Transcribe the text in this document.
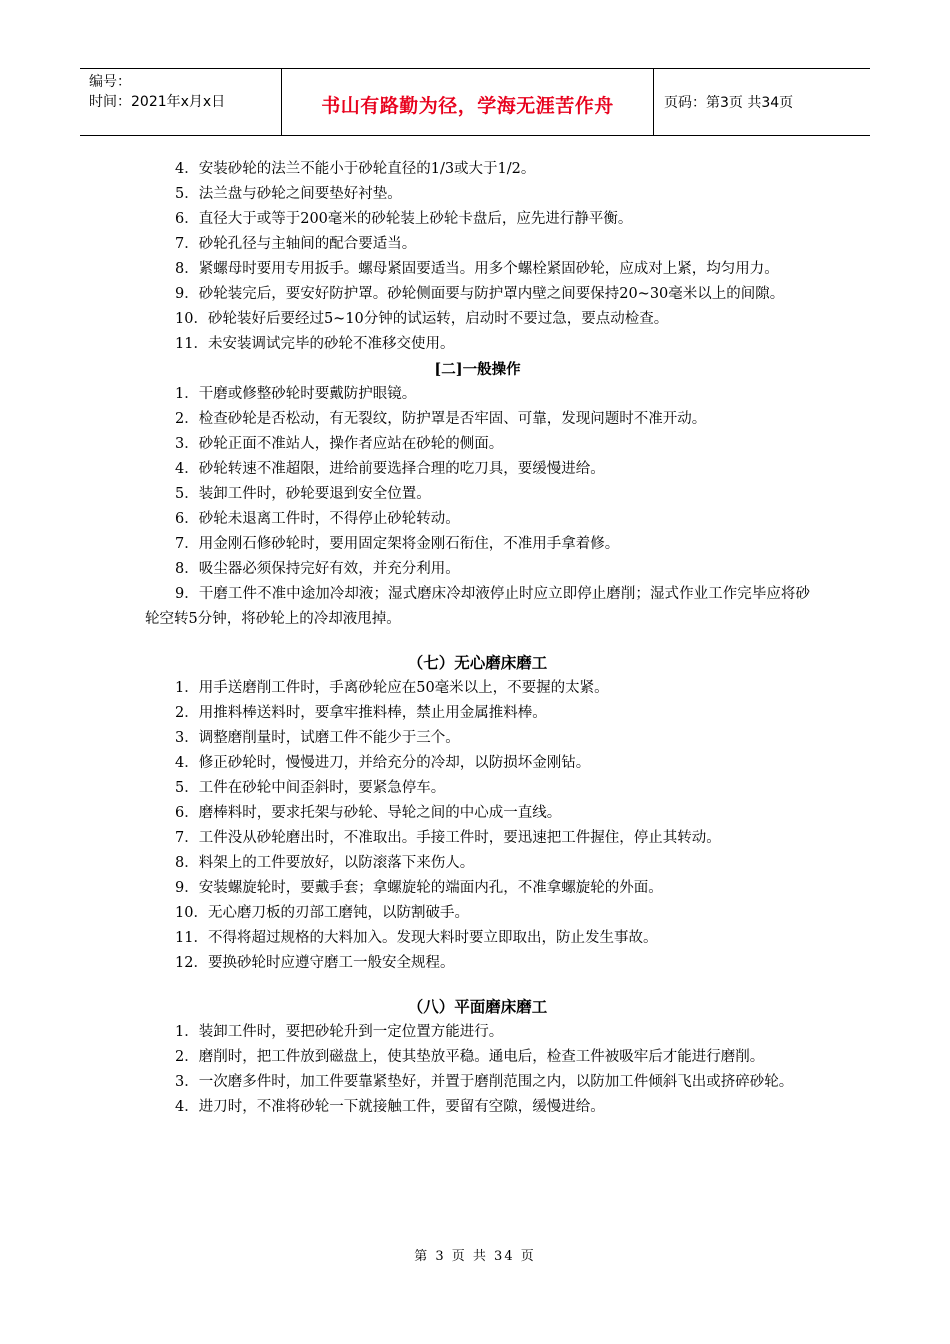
编号：
时间：2021年x月x日	书山有路勤为径，学海无涯苦作舟	页码：第3页 共34页

4．安装砂轮的法兰不能小于砂轮直径的1/3或大于1/2。

5．法兰盘与砂轮之间要垫好衬垫。

6．直径大于或等于200毫米的砂轮装上砂轮卡盘后，应先进行静平衡。

7．砂轮孔径与主轴间的配合要适当。

8．紧螺母时要用专用扳手。螺母紧固要适当。用多个螺栓紧固砂轮，应成对上紧，均匀用力。

9．砂轮装完后，要安好防护罩。砂轮侧面要与防护罩内壁之间要保持20~30毫米以上的间隙。

10．砂轮装好后要经过5~10分钟的试运转，启动时不要过急，要点动检查。

11．未安装调试完毕的砂轮不准移交使用。

[二]一般操作

1．干磨或修整砂轮时要戴防护眼镜。

2．检查砂轮是否松动，有无裂纹，防护罩是否牢固、可靠，发现问题时不准开动。

3．砂轮正面不准站人，操作者应站在砂轮的侧面。

4．砂轮转速不准超限，进给前要选择合理的吃刀具，要缓慢进给。

5．装卸工件时，砂轮要退到安全位置。

6．砂轮未退离工件时，不得停止砂轮转动。

7．用金刚石修砂轮时，要用固定架将金刚石衔住，不准用手拿着修。

8．吸尘器必须保持完好有效，并充分利用。

9．干磨工件不准中途加冷却液；湿式磨床冷却液停止时应立即停止磨削；湿式作业工作完毕应将砂轮空转5分钟，将砂轮上的冷却液甩掉。

（七）无心磨床磨工

1．用手送磨削工件时，手离砂轮应在50毫米以上，不要握的太紧。

2．用推料棒送料时，要拿牢推料棒，禁止用金属推料棒。

3．调整磨削量时，试磨工件不能少于三个。

4．修正砂轮时，慢慢进刀，并给充分的冷却，以防损坏金刚钻。

5．工件在砂轮中间歪斜时，要紧急停车。

6．磨棒料时，要求托架与砂轮、导轮之间的中心成一直线。

7．工件没从砂轮磨出时，不准取出。手接工件时，要迅速把工件握住，停止其转动。

8．料架上的工件要放好，以防滚落下来伤人。

9．安装螺旋轮时，要戴手套；拿螺旋轮的端面内孔，不准拿螺旋轮的外面。

10．无心磨刀板的刃部工磨钝，以防割破手。

11．不得将超过规格的大料加入。发现大料时要立即取出，防止发生事故。

12．要换砂轮时应遵守磨工一般安全规程。

（八）平面磨床磨工

1．装卸工件时，要把砂轮升到一定位置方能进行。

2．磨削时，把工件放到磁盘上，使其垫放平稳。通电后，检查工件被吸牢后才能进行磨削。

3．一次磨多件时，加工件要靠紧垫好，并置于磨削范围之内，以防加工件倾斜飞出或挤碎砂轮。

4．进刀时，不准将砂轮一下就接触工件，要留有空隙，缓慢进给。

第 3 页 共 34 页
